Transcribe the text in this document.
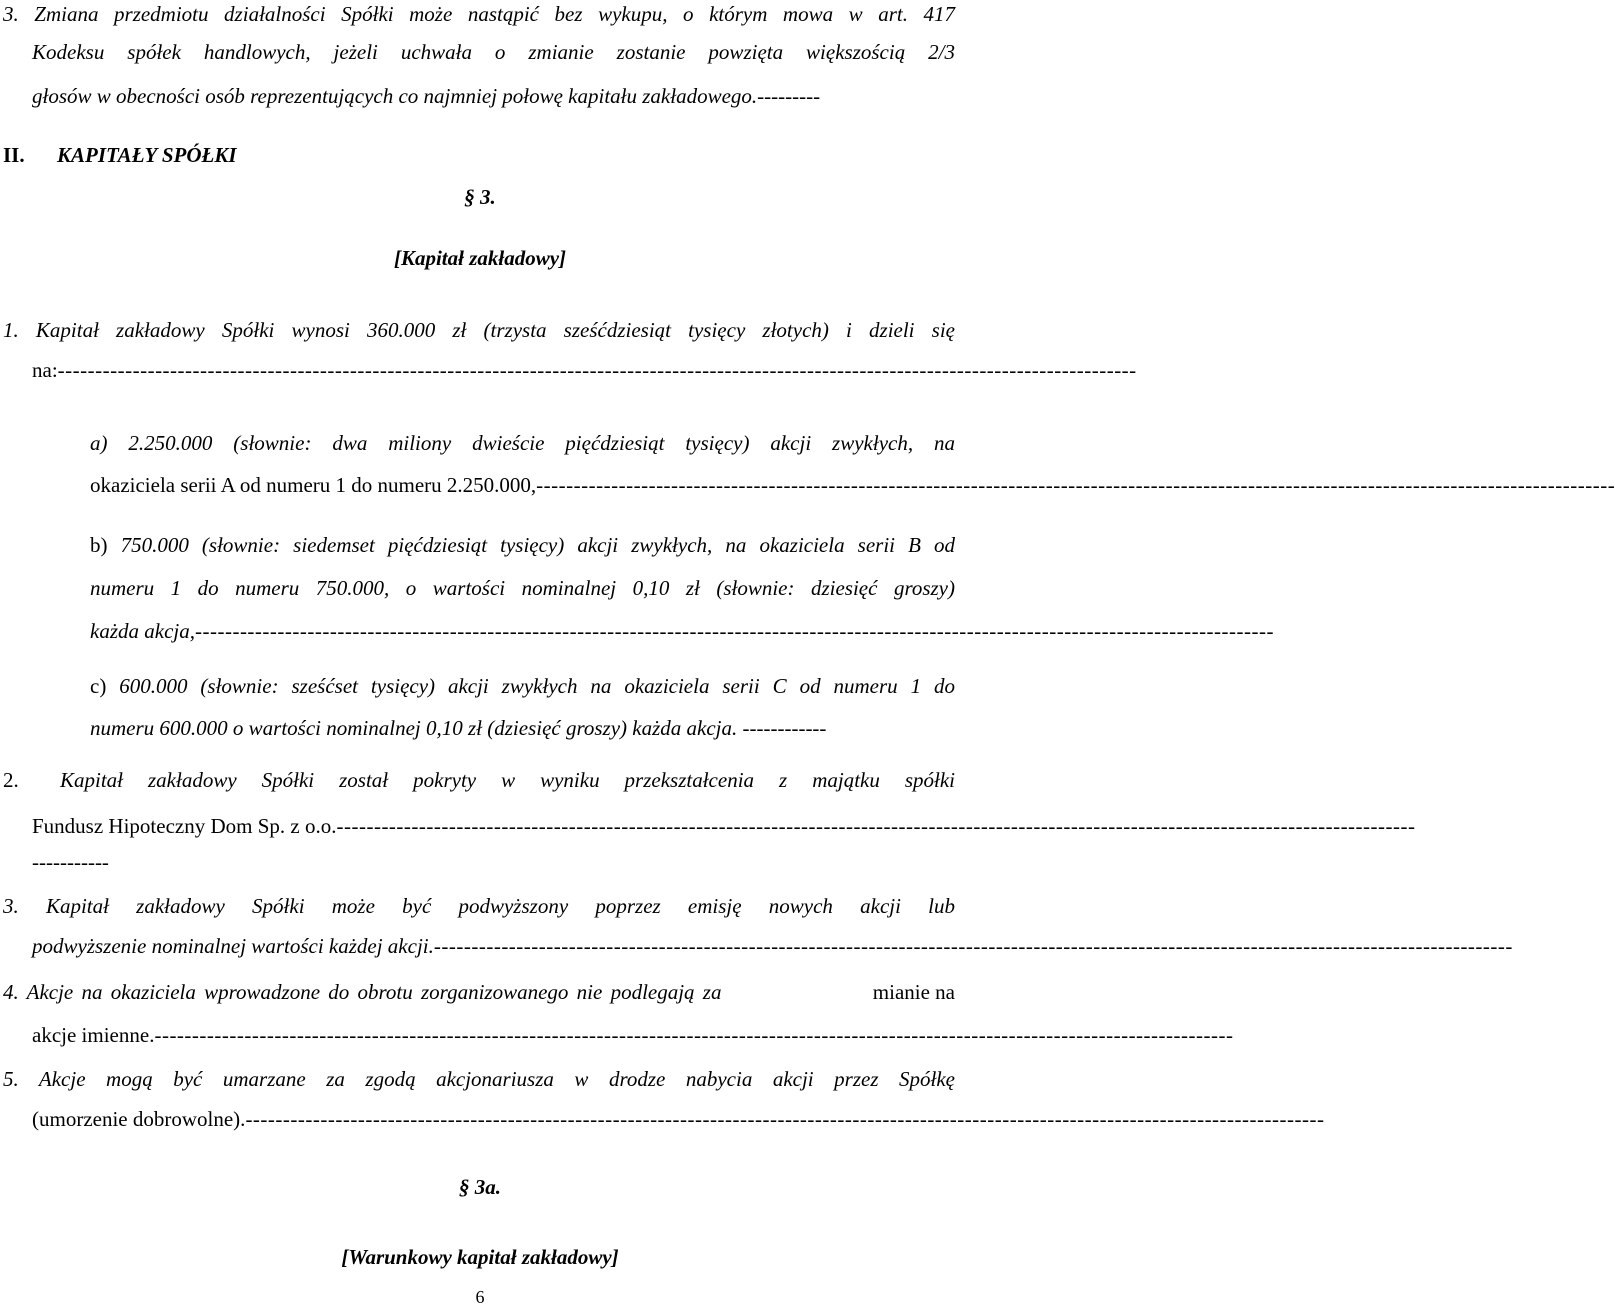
3. Zmiana przedmiotu działalności Spółki może nastąpić bez wykupu, o którym mowa w art. 417
Kodeksu spółek handlowych, jeżeli uchwała o zmianie zostanie powzięta większością 2/3
głosów w obecności osób reprezentujących co najmniej połowę kapitału zakładowego. ---------
II.	KAPITAŁY SPÓŁKI
§ 3.
[Kapitał zakładowy]
1. Kapitał zakładowy Spółki wynosi 360.000 zł (trzysta sześćdziesiąt tysięcy złotych) i dzieli się
na: ------------------------------------------------------------------------------------------------------------------------------------------------
a) 2.250.000 (słownie: dwa miliony dwieście pięćdziesiąt tysięcy) akcji zwykłych, na
okaziciela serii A od numeru 1 do numeru 2.250.000, ------------------------------------------------------------------------------------------------------------------------------------------------
b) 750.000 (słownie: siedemset pięćdziesiąt tysięcy) akcji zwykłych, na okaziciela serii B od
numeru 1 do numeru 750.000, o wartości nominalnej 0,10 zł (słownie: dziesięć groszy)
każda akcja, ------------------------------------------------------------------------------------------------------------------------------------------------
c) 600.000 (słownie: sześćset tysięcy) akcji zwykłych na okaziciela serii C od numeru 1 do
numeru 600.000 o wartości nominalnej 0,10 zł (dziesięć groszy) każda akcja. ------------
2.	Kapitał zakładowy Spółki został pokryty w wyniku przekształcenia z majątku spółki
Fundusz Hipoteczny Dom Sp. z o.o. ------------------------------------------------------------------------------------------------------------------------------------------------
-----------
3. Kapitał zakładowy Spółki może być podwyższony poprzez emisję nowych akcji lub
podwyższenie nominalnej wartości każdej akcji. ------------------------------------------------------------------------------------------------------------------------------------------------
4. Akcje na okaziciela wprowadzone do obrotu zorganizowanego nie podlegają za	mianie na
akcje imienne. ------------------------------------------------------------------------------------------------------------------------------------------------
5. Akcje mogą być umarzane za zgodą akcjonariusza w drodze nabycia akcji przez Spółkę
(umorzenie dobrowolne). ------------------------------------------------------------------------------------------------------------------------------------------------
§ 3a.
[Warunkowy kapitał zakładowy]
6
